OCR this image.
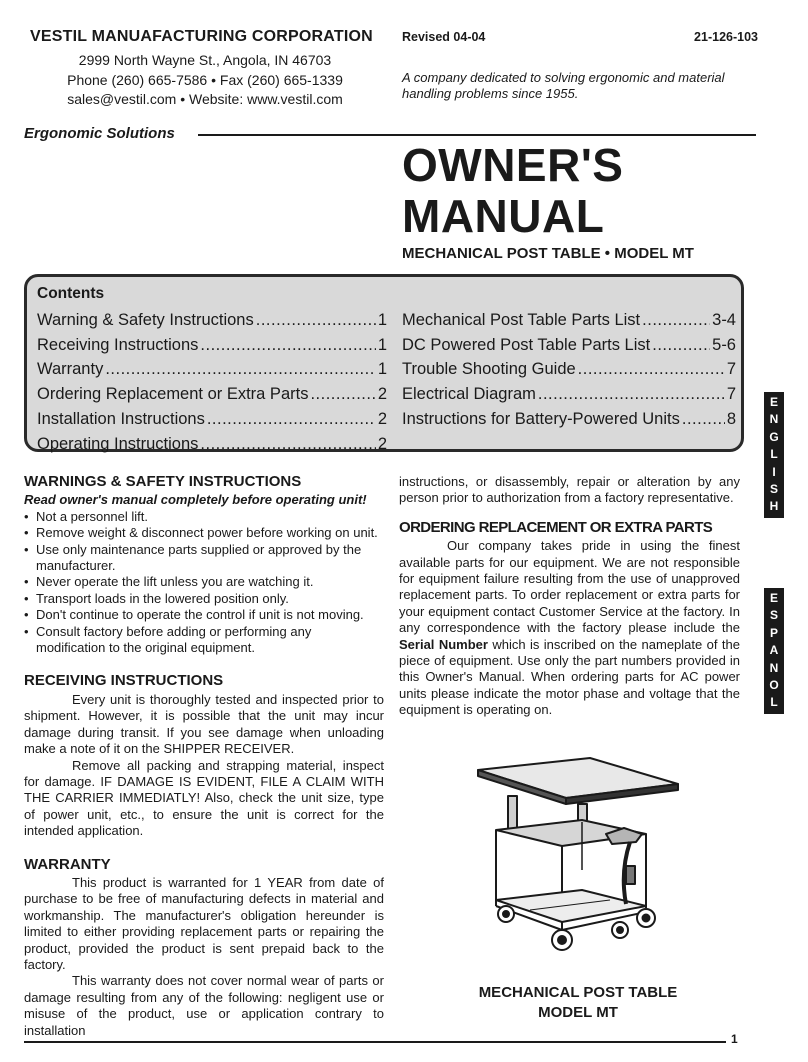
VESTIL MANUAFACTURING CORPORATION
2999 North Wayne St., Angola, IN 46703
Phone (260) 665-7586 • Fax (260) 665-1339
sales@vestil.com • Website: www.vestil.com
Revised 04-04	21-126-103
A company dedicated to solving ergonomic and material handling problems since 1955.
Ergonomic Solutions
OWNER'S
MANUAL
MECHANICAL POST TABLE • MODEL MT
Contents
Warning & Safety Instructions .....	1
Receiving Instructions .....	1
Warranty .....	1
Ordering Replacement or Extra Parts .....	2
Installation Instructions .....	2
Operating Instructions .....	2
Mechanical Post Table Parts List .....	3-4
DC Powered Post Table Parts List .....	5-6
Trouble Shooting Guide .....	7
Electrical Diagram .....	7
Instructions for Battery-Powered Units .....	8
E
N
G
L
I
S
H
E
S
P
A
N
O
L
WARNINGS & SAFETY INSTRUCTIONS

Read owner's manual completely before operating unit!

• Not a personnel lift.
• Remove weight & disconnect power before working on unit.
• Use only maintenance parts supplied or approved by the manufacturer.
• Never operate the lift unless you are watching it.
• Transport loads in the lowered position only.
• Don't continue to operate the control if unit is not moving.
• Consult factory before adding or performing any modification to the original equipment.
RECEIVING INSTRUCTIONS

Every unit is thoroughly tested and inspected prior to shipment. However, it is possible that the unit may incur damage during transit. If you see damage when unloading make a note of it on the SHIPPER RECEIVER.

Remove all packing and strapping material, inspect for damage. IF DAMAGE IS EVIDENT, FILE A CLAIM WITH THE CARRIER IMMEDIATLY! Also, check the unit size, type of power unit, etc., to ensure the unit is correct for the intended application.

WARRANTY

This product is warranted for 1 YEAR from date of purchase to be free of manufacturing defects in material and workmanship. The manufacturer's obligation hereunder is limited to either providing replacement parts or repairing the product, provided the product is sent prepaid back to the factory.

This warranty does not cover normal wear of parts or damage resulting from any of the following: negligent use or misuse of the product, use or application contrary to installation

instructions, or disassembly, repair or alteration by any person prior to authorization from a factory representative.

ORDERING REPLACEMENT OR EXTRA PARTS

Our company takes pride in using the finest available parts for our equipment. We are not responsible for equipment failure resulting from the use of unapproved replacement parts. To order replacement or extra parts for your equipment contact Customer Service at the factory. In any correspondence with the factory please include the Serial Number which is inscribed on the nameplate of the piece of equipment. Use only the part numbers provided in this Owner's Manual. When ordering parts for AC power units please indicate the motor phase and voltage that the equipment is operating on.

MECHANICAL POST TABLE
MODEL MT
1
